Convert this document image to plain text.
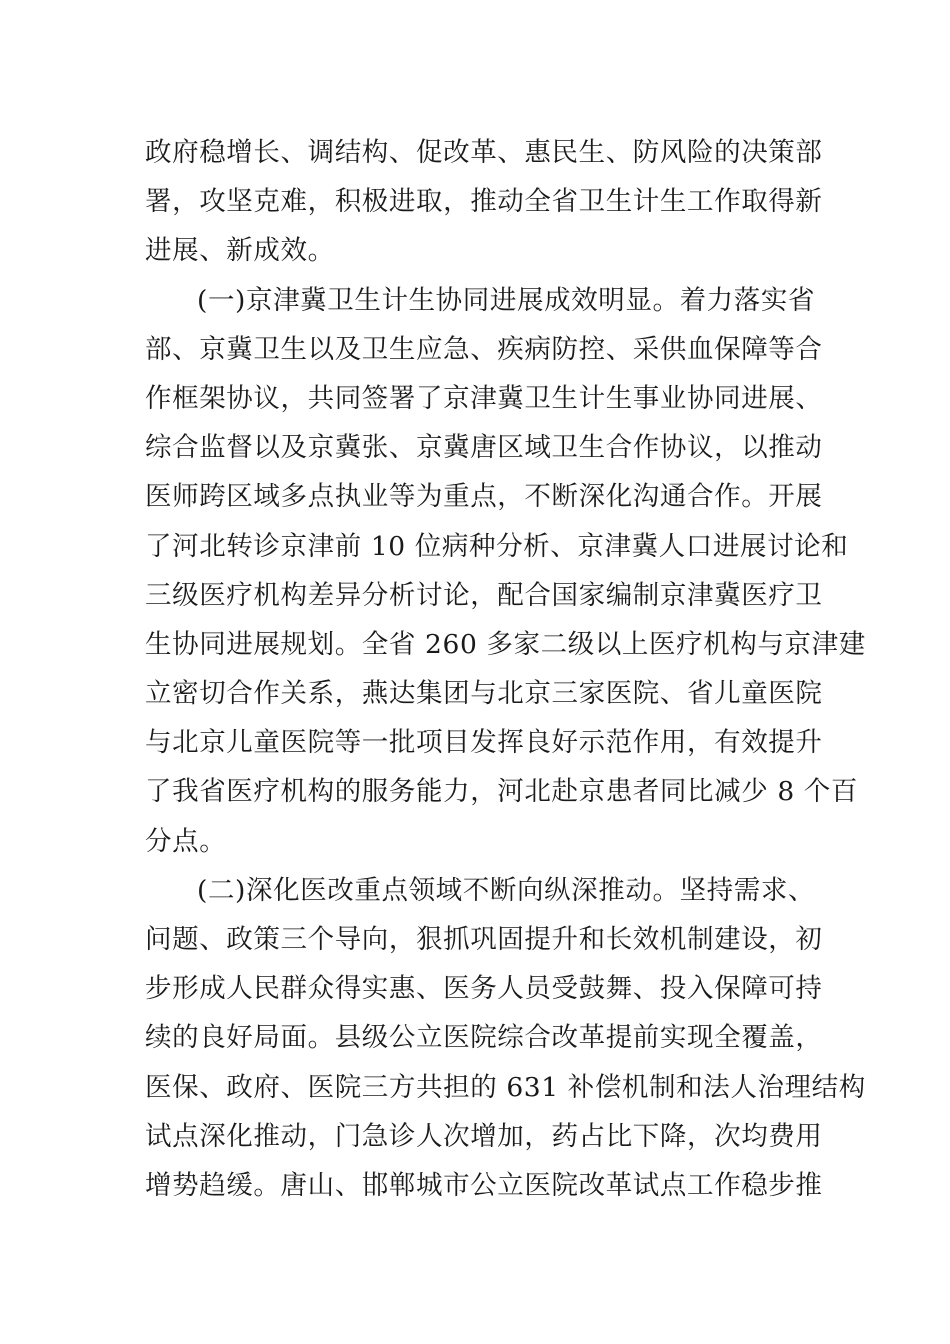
政府稳增长、调结构、促改革、惠民生、防风险的决策部
署，攻坚克难，积极进取，推动全省卫生计生工作取得新
进展、新成效。
(一)京津冀卫生计生协同进展成效明显。着力落实省
部、京冀卫生以及卫生应急、疾病防控、采供血保障等合
作框架协议，共同签署了京津冀卫生计生事业协同进展、
综合监督以及京冀张、京冀唐区域卫生合作协议，以推动
医师跨区域多点执业等为重点，不断深化沟通合作。开展
了河北转诊京津前 10 位病种分析、京津冀人口进展讨论和
三级医疗机构差异分析讨论，配合国家编制京津冀医疗卫
生协同进展规划。全省 260 多家二级以上医疗机构与京津建
立密切合作关系，燕达集团与北京三家医院、省儿童医院
与北京儿童医院等一批项目发挥良好示范作用，有效提升
了我省医疗机构的服务能力，河北赴京患者同比减少 8 个百
分点。
(二)深化医改重点领域不断向纵深推动。坚持需求、
问题、政策三个导向，狠抓巩固提升和长效机制建设，初
步形成人民群众得实惠、医务人员受鼓舞、投入保障可持
续的良好局面。县级公立医院综合改革提前实现全覆盖，
医保、政府、医院三方共担的 631 补偿机制和法人治理结构
试点深化推动，门急诊人次增加，药占比下降，次均费用
增势趋缓。唐山、邯郸城市公立医院改革试点工作稳步推
